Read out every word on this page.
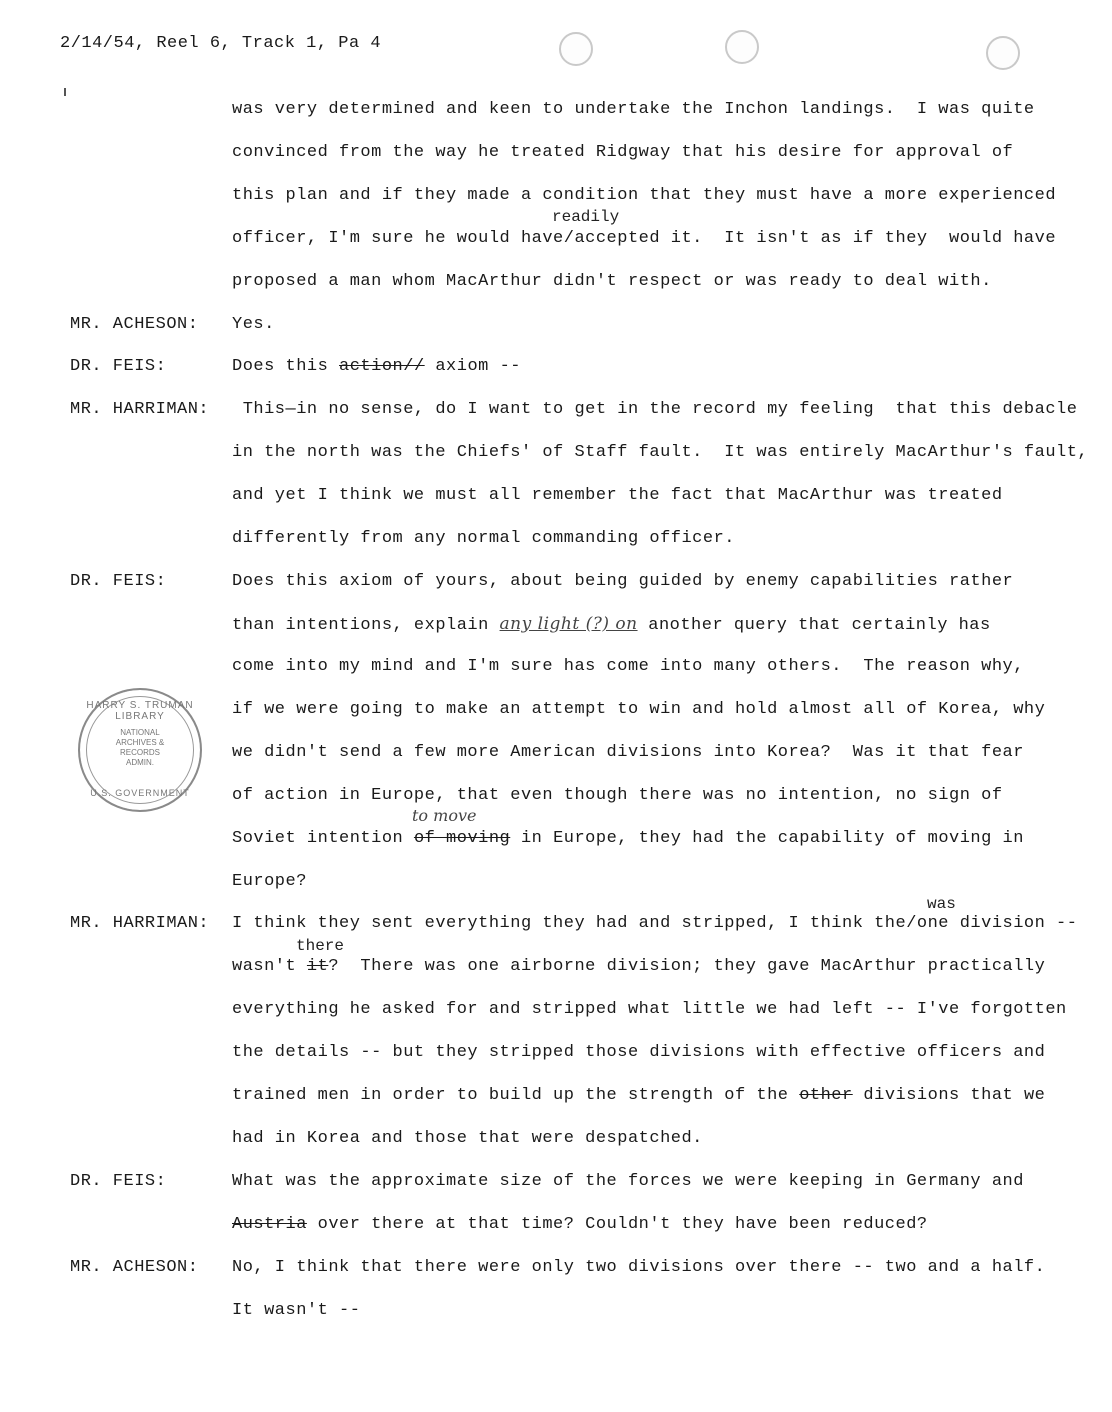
2/14/54, Reel 6, Track 1, Pa 4
HARRY S. TRUMAN LIBRARY
NATIONAL
ARCHIVES &
RECORDS
ADMIN.
U.S. GOVERNMENT
was very determined and keen to undertake the Inchon landings.  I was quite
convinced from the way he treated Ridgway that his desire for approval of
this plan and if they made a condition that they must have a more experienced
officer, I'm sure he would have/accepted it.  It isn't as if they  would have
proposed a man whom MacArthur didn't respect or was ready to deal with.
MR. ACHESON: Yes.
DR. FEIS:	Does this action// axiom --
MR. HARRIMAN: This—in no sense, do I want to get in the record my feeling  that this debacle
in the north was the Chiefs' of Staff fault.  It was entirely MacArthur's fault,
and yet I think we must all remember the fact that MacArthur was treated
differently from any normal commanding officer.
DR. FEIS:	Does this axiom of yours, about being guided by enemy capabilities rather
than intentions, explain any light (?) on another query that certainly has
come into my mind and I'm sure has come into many others.  The reason why,
if we were going to make an attempt to win and hold almost all of Korea, why
we didn't send a few more American divisions into Korea?  Was it that fear
of action in Europe, that even though there was no intention, no sign of
Soviet intention of moving in Europe, they had the capability of moving in
Europe?
MR. HARRIMAN: I think they sent everything they had and stripped, I think the/one division --
wasn't it?  There was one airborne division; they gave MacArthur practically
everything he asked for and stripped what little we had left -- I've forgotten
the details -- but they stripped those divisions with effective officers and
trained men in order to build up the strength of the other divisions that we
had in Korea and those that were despatched.
DR. FEIS:	What was the approximate size of the forces we were keeping in Germany and
Austria over there at that time? Couldn't they have been reduced?
MR. ACHESON: No, I think that there were only two divisions over there -- two and a half.
It wasn't --
readily
to move
was
there
